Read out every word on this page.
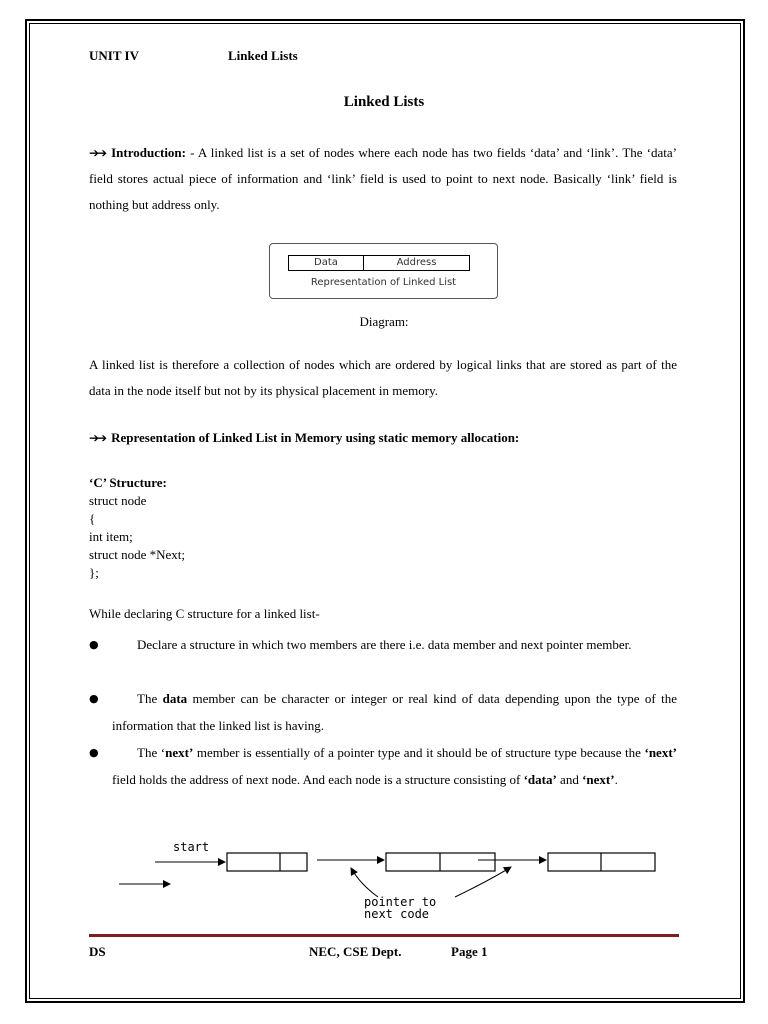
UNIT IV	Linked Lists
Linked Lists
➔➔ Introduction: - A linked list is a set of nodes where each node has two fields ‘data’ and ‘link’. The ‘data’ field stores actual piece of information and ‘link’ field is used to point to next node. Basically ‘link’ field is nothing but address only.
Data	Address
Representation of Linked List
Diagram:
A linked list is therefore a collection of nodes which are ordered by logical links that are stored as part of the data in the node itself but not by its physical placement in memory.
➔➔ Representation of Linked List in Memory using static memory allocation:
‘C’ Structure:
struct node
{
int item;
struct node *Next;
};
While declaring C structure for a linked list-
●	Declare a structure in which two members are there i.e. data member and next pointer member.
●	The data member can be character or integer or real kind of data depending upon the type of the information that the linked list is having.
●	The ‘next’ member is essentially of a pointer type and it should be of structure type because the ‘next’ field holds the address of next node. And each node is a structure consisting of ‘data’ and ‘next’.
start
pointer to
next code
DS	NEC, CSE Dept.	Page 1
